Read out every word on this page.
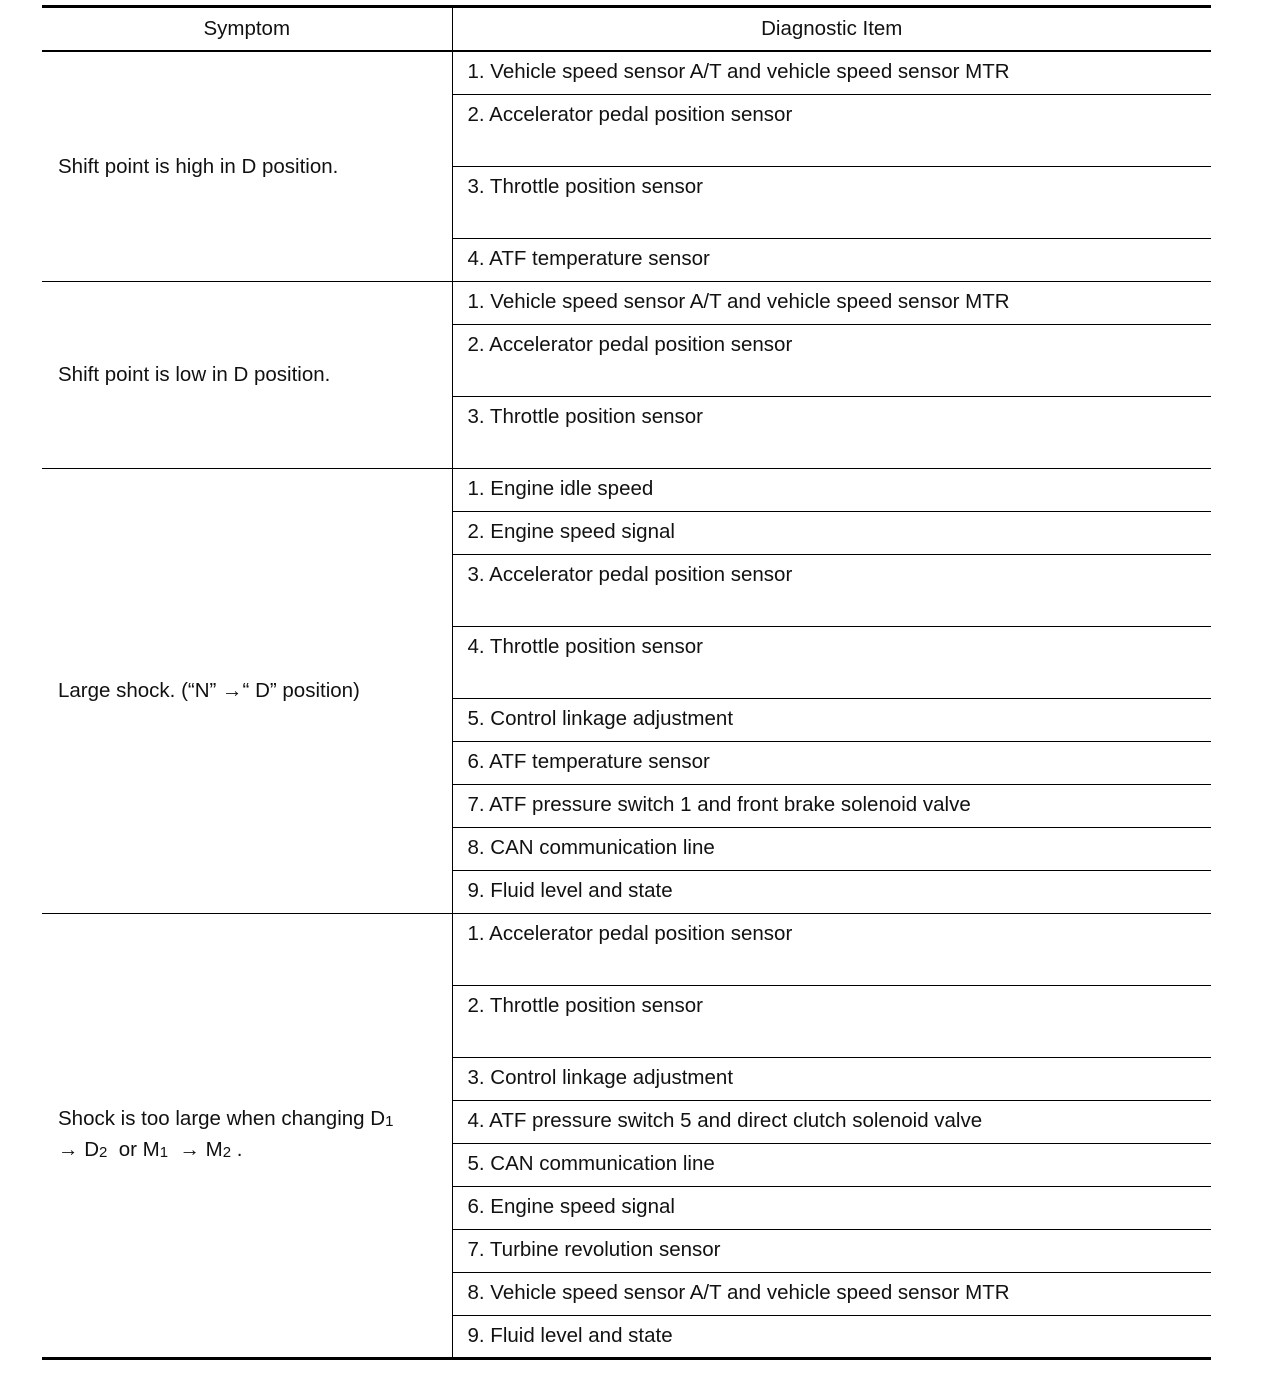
Symptom	Diagnostic Item
Shift point is high in D position.	1. Vehicle speed sensor A/T and vehicle speed sensor MTR
	2. Accelerator pedal position sensor
	3. Throttle position sensor
	4. ATF temperature sensor
Shift point is low in D position.	1. Vehicle speed sensor A/T and vehicle speed sensor MTR
	2. Accelerator pedal position sensor
	3. Throttle position sensor
Large shock. (“N” →“ D” position)	1. Engine idle speed
	2. Engine speed signal
	3. Accelerator pedal position sensor
	4. Throttle position sensor
	5. Control linkage adjustment
	6. ATF temperature sensor
	7. ATF pressure switch 1 and front brake solenoid valve
	8. CAN communication line
	9. Fluid level and state
Shock is too large when changing $D_1$
→ $D_2$  or $M_1 \to M_2$ .	1. Accelerator pedal position sensor
	2. Throttle position sensor
	3. Control linkage adjustment
	4. ATF pressure switch 5 and direct clutch solenoid valve
	5. CAN communication line
	6. Engine speed signal
	7. Turbine revolution sensor
	8. Vehicle speed sensor A/T and vehicle speed sensor MTR
	9. Fluid level and state
